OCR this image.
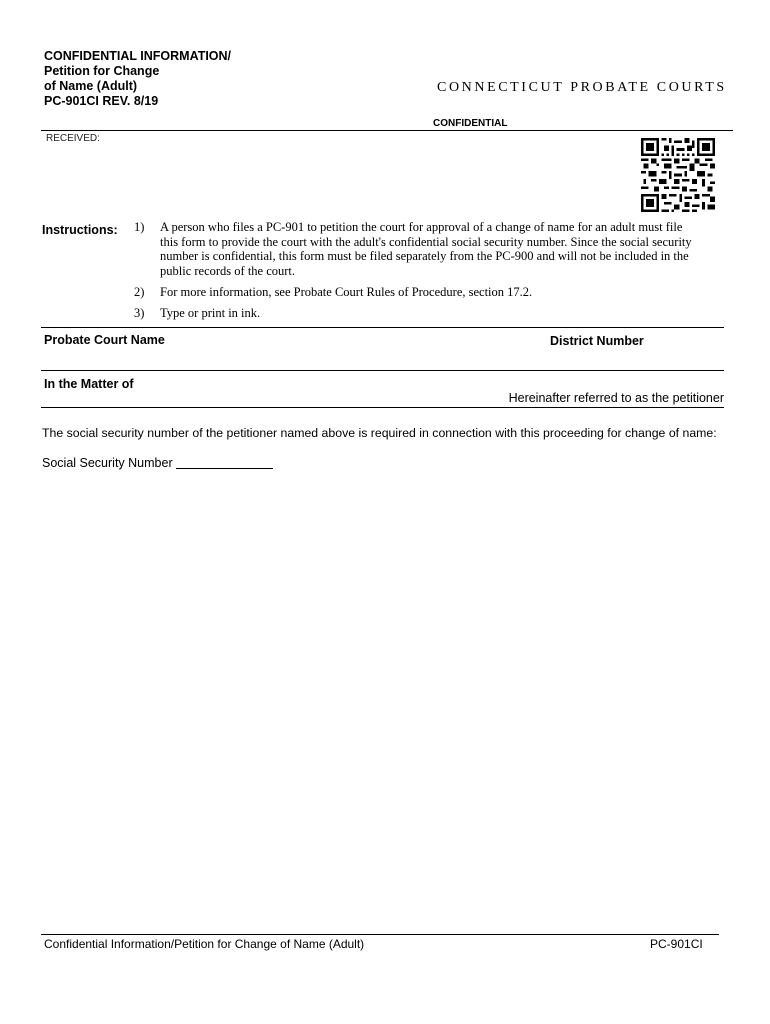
CONFIDENTIAL INFORMATION/
Petition for Change
of Name (Adult)
PC-901CI REV. 8/19
CONNECTICUT PROBATE COURTS
CONFIDENTIAL
RECEIVED:
Instructions: 1)	A person who files a PC-901 to petition the court for approval of a change of name for an adult must file this form to provide the court with the adult's confidential social security number. Since the social security number is confidential, this form must be filed separately from the PC-900 and will not be included in the public records of the court.
2)	For more information, see Probate Court Rules of Procedure, section 17.2.
3)	Type or print in ink.
Probate Court Name	District Number
In the Matter of
Hereinafter referred to as the petitioner
The social security number of the petitioner named above is required in connection with this proceeding for change of name:
Social Security Number
Confidential Information/Petition for Change of Name (Adult)	PC-901CI
